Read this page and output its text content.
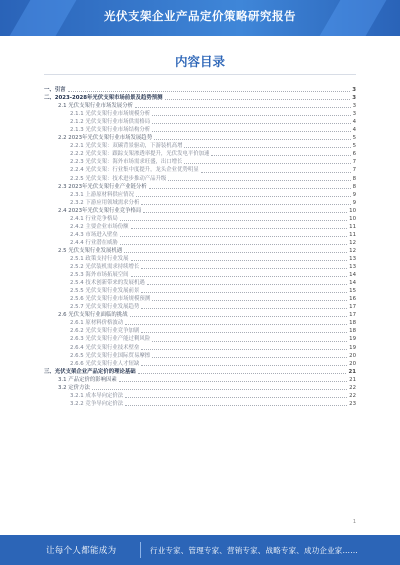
光伏支架企业产品定价策略研究报告
内容目录
一、引言	3
二、2023-2028年光伏支架市场前景及趋势预测	3
2.1 光伏支架行业市场发展分析	3
2.1.1 光伏支架行业市场规模分析	3
2.1.2 光伏支架行业市场供需格局	4
2.1.3 光伏支架行业市场结构分析	4
2.2 2023年光伏支架行业市场发展趋势	5
2.2.1 光伏支架：双碳背景驱动，下游装机高增	5
2.2.2 光伏支架：跟踪支架渗透率提升，光伏发电平价加速	6
2.2.3 光伏支架：海外市场需求旺盛，出口增长	7
2.2.4 光伏支架：行业集中度提升，龙头企业优势明显	7
2.2.5 光伏支架：技术进步推动产品升级	8
2.3 2023年光伏支架行业产业链分析	8
2.3.1 上游原材料供应情况	9
2.3.2 下游应用领域需求分析	9
2.4 2023年光伏支架行业竞争格局	10
2.4.1 行业竞争格局	10
2.4.2 主要企业市场份额	11
2.4.3 市场进入壁垒	11
2.4.4 行业潜在威胁	12
2.5 光伏支架行业发展机遇	12
2.5.1 政策支持行业发展	13
2.5.2 光伏装机需求持续增长	13
2.5.3 海外市场拓展空间	14
2.5.4 技术创新带来的发展机遇	14
2.5.5 光伏支架行业发展前景	15
2.5.6 光伏支架行业市场规模预测	16
2.5.7 光伏支架行业发展趋势	17
2.6 光伏支架行业面临的挑战	17
2.6.1 原材料价格波动	18
2.6.2 光伏支架行业竞争加剧	18
2.6.3 光伏支架行业产能过剩风险	19
2.6.4 光伏支架行业技术壁垒	19
2.6.5 光伏支架行业国际贸易摩擦	20
2.6.6 光伏支架行业人才短缺	20
三、光伏支架企业产品定价的理论基础	21
3.1 产品定价的影响因素	21
3.2 定价方法	22
3.2.1 成本导向定价法	22
3.2.2 竞争导向定价法	23
1
让每个人都能成为	行业专家、管理专家、营销专家、战略专家、成功企业家……
